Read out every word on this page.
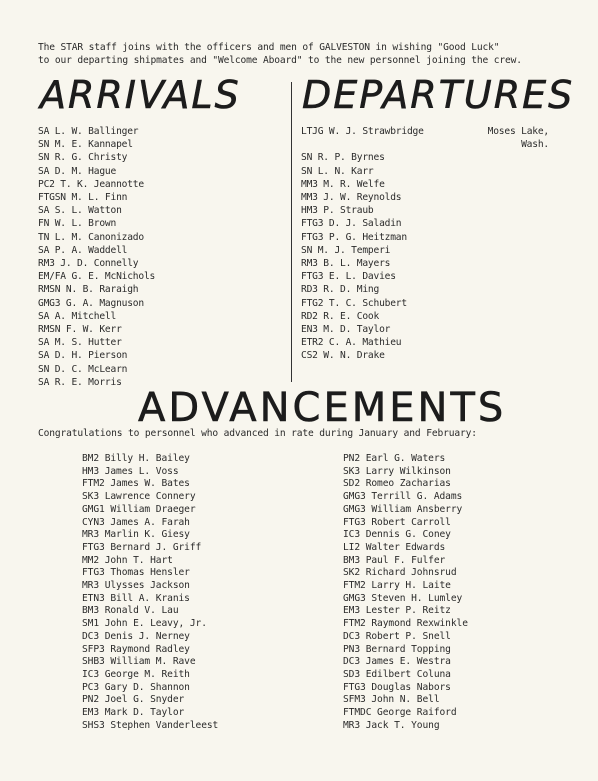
The STAR staff joins with the officers and men of GALVESTON in wishing "Good Luck"
to our departing shipmates and "Welcome Aboard" to the new personnel joining the crew.
ARRIVALS DEPARTURES
SA L. W. Ballinger
SN M. E. Kannapel
SN R. G. Christy
SA D. M. Hague
PC2 T. K. Jeannotte
FTGSN M. L. Finn
SA S. L. Watton
FN W. L. Brown
TN L. M. Canonizado
SA P. A. Waddell
RM3 J. D. Connelly
EM/FA G. E. McNichols
RMSN N. B. Raraigh
GMG3 G. A. Magnuson
SA A. Mitchell
RMSN F. W. Kerr
SA M. S. Hutter
SA D. H. Pierson
SN D. C. McLearn
SA R. E. Morris
LTJG W. J. Strawbridge	Moses Lake,
Wash.
SN R. P. Byrnes
SN L. N. Karr
MM3 M. R. Welfe
MM3 J. W. Reynolds
HM3 P. Straub
FTG3 D. J. Saladin
FTG3 P. G. Heitzman
SN M. J. Temperi
RM3 B. L. Mayers
FTG3 E. L. Davies
RD3 R. D. Ming
FTG2 T. C. Schubert
RD2 R. E. Cook
EN3 M. D. Taylor
ETR2 C. A. Mathieu
CS2 W. N. Drake
ADVANCEMENTS
Congratulations to personnel who advanced in rate during January and February:
BM2 Billy H. Bailey
HM3 James L. Voss
FTM2 James W. Bates
SK3 Lawrence Connery
GMG1 William Draeger
CYN3 James A. Farah
MR3 Marlin K. Giesy
FTG3 Bernard J. Griff
MM2 John T. Hart
FTG3 Thomas Hensler
MR3 Ulysses Jackson
ETN3 Bill A. Kranis
BM3 Ronald V. Lau
SM1 John E. Leavy, Jr.
DC3 Denis J. Nerney
SFP3 Raymond Radley
SHB3 William M. Rave
IC3 George M. Reith
PC3 Gary D. Shannon
PN2 Joel G. Snyder
EM3 Mark D. Taylor
SHS3 Stephen Vanderleest
PN2 Earl G. Waters
SK3 Larry Wilkinson
SD2 Romeo Zacharias
GMG3 Terrill G. Adams
GMG3 William Ansberry
FTG3 Robert Carroll
IC3 Dennis G. Coney
LI2 Walter Edwards
BM3 Paul F. Fulfer
SK2 Richard Johnsrud
FTM2 Larry H. Laite
GMG3 Steven H. Lumley
EM3 Lester P. Reitz
FTM2 Raymond Rexwinkle
DC3 Robert P. Snell
PN3 Bernard Topping
DC3 James E. Westra
SD3 Edilbert Coluna
FTG3 Douglas Nabors
SFM3 John N. Bell
FTMDC George Raiford
MR3 Jack T. Young
